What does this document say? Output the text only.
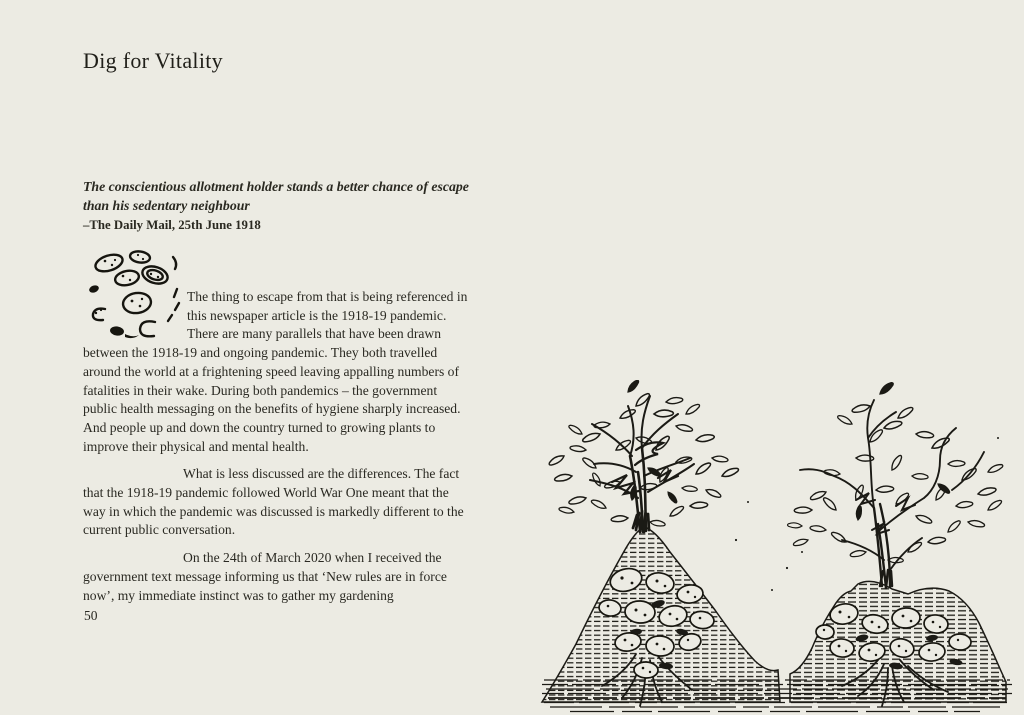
Dig for Vitality
The conscientious allotment holder stands a better chance of escape
than his sedentary neighbour
–The Daily Mail, 25th June 1918

The thing to escape from that is being referenced in this newspaper article is the 1918-19 pandemic. There are many parallels that have been drawn between the 1918-19 and ongoing pandemic. They both travelled around the world at a frightening speed leaving appalling numbers of fatalities in their wake. During both pandemics – the government public health messaging on the benefits of hygiene sharply increased. And people up and down the country turned to growing plants to improve their physical and mental health.

What is less discussed are the differences. The fact that the 1918-19 pandemic followed World War One meant that the way in which the pandemic was discussed is markedly different to the current public conversation.

On the 24th of March 2020 when I received the government text message informing us that ‘New rules are in force now’, my immediate instinct was to gather my gardening

50
